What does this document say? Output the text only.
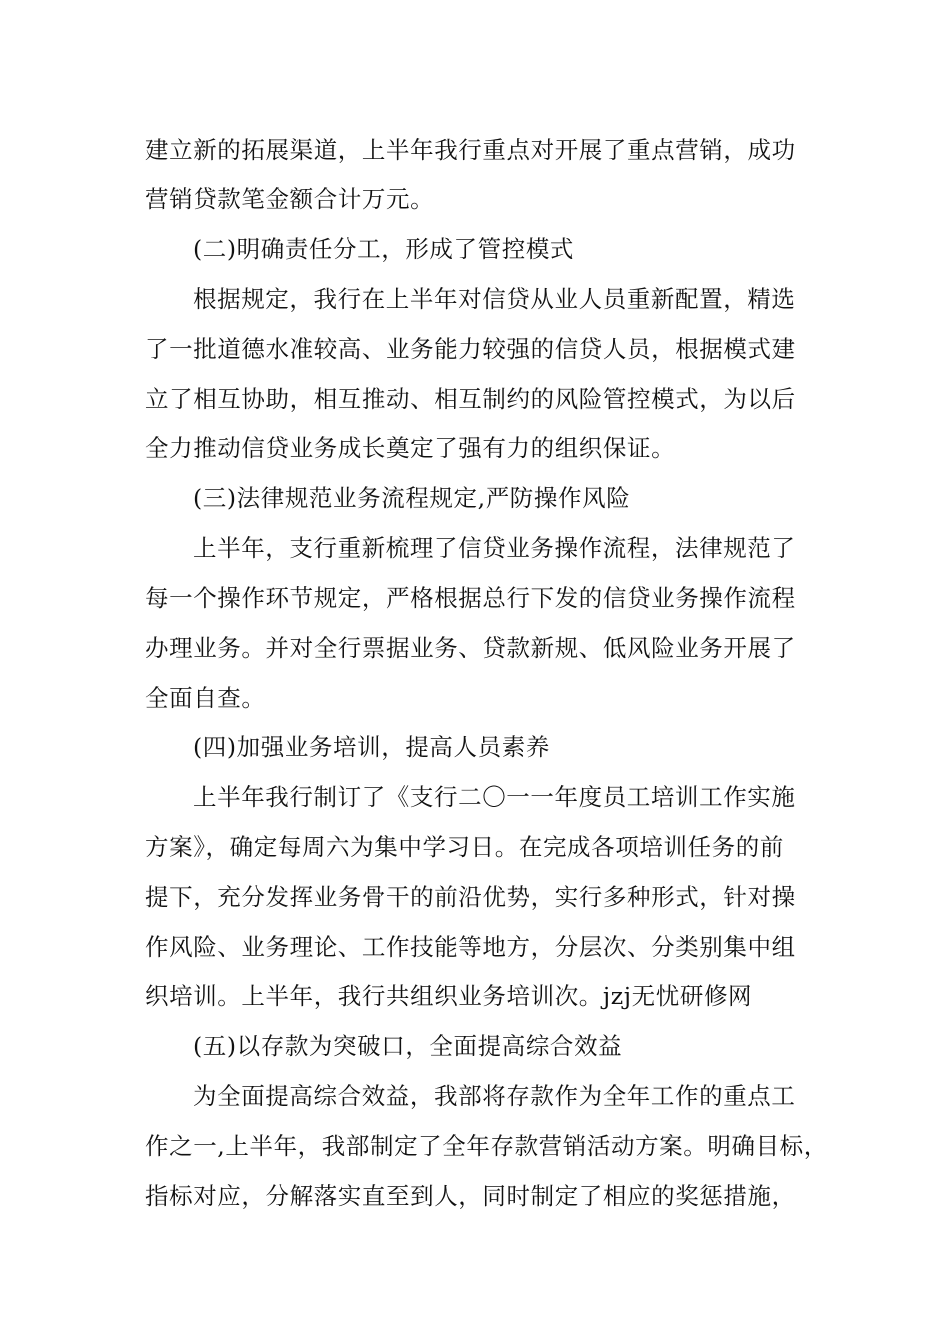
建立新的拓展渠道，上半年我行重点对开展了重点营销，成功
营销贷款笔金额合计万元。
(二)明确责任分工，形成了管控模式
根据规定，我行在上半年对信贷从业人员重新配置，精选
了一批道德水准较高、业务能力较强的信贷人员，根据模式建
立了相互协助，相互推动、相互制约的风险管控模式，为以后
全力推动信贷业务成长奠定了强有力的组织保证。
(三)法律规范业务流程规定,严防操作风险
上半年，支行重新梳理了信贷业务操作流程，法律规范了
每一个操作环节规定，严格根据总行下发的信贷业务操作流程
办理业务。并对全行票据业务、贷款新规、低风险业务开展了
全面自查。
(四)加强业务培训，提高人员素养
上半年我行制订了《支行二〇一一年度员工培训工作实施
方案》，确定每周六为集中学习日。在完成各项培训任务的前
提下，充分发挥业务骨干的前沿优势，实行多种形式，针对操
作风险、业务理论、工作技能等地方，分层次、分类别集中组
织培训。上半年，我行共组织业务培训次。jzj无忧研修网
(五)以存款为突破口，全面提高综合效益
为全面提高综合效益，我部将存款作为全年工作的重点工
作之一,上半年，我部制定了全年存款营销活动方案。明确目标，
指标对应，分解落实直至到人，同时制定了相应的奖惩措施，
